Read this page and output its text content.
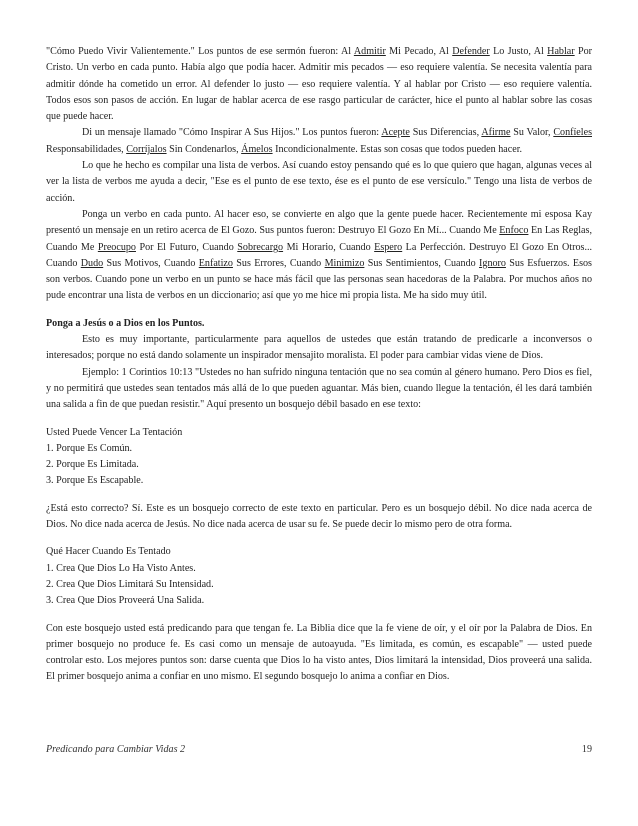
"Cómo Puedo Vivir Valientemente." Los puntos de ese sermón fueron: Al Admitir Mi Pecado, Al Defender Lo Justo, Al Hablar Por Cristo. Un verbo en cada punto. Había algo que podía hacer. Admitir mis pecados –– eso requiere valentía. Se necesita valentía para admitir dónde ha cometido un error. Al defender lo justo — eso requiere valentía. Y al hablar por Cristo — eso requiere valentía. Todos esos son pasos de acción. En lugar de hablar acerca de ese rasgo particular de carácter, hice el punto al hablar sobre las cosas que puede hacer.

Di un mensaje llamado "Cómo Inspirar A Sus Hijos." Los puntos fueron: Acepte Sus Diferencias, Afirme Su Valor, Confíeles Responsabilidades, Corríjalos Sin Condenarlos, Ámelos Incondicionalmente. Estas son cosas que todos pueden hacer.

Lo que he hecho es compilar una lista de verbos. Así cuando estoy pensando qué es lo que quiero que hagan, algunas veces al ver la lista de verbos me ayuda a decir, "Ese es el punto de ese texto, ése es el punto de ese versículo." Tengo una lista de verbos de acción.

Ponga un verbo en cada punto. Al hacer eso, se convierte en algo que la gente puede hacer. Recientemente mi esposa Kay presentó un mensaje en un retiro acerca de El Gozo. Sus puntos fueron: Destruyo El Gozo En Mí... Cuando Me Enfoco En Las Reglas, Cuando Me Preocupo Por El Futuro, Cuando Sobrecargo Mi Horario, Cuando Espero La Perfección. Destruyo El Gozo En Otros... Cuando Dudo Sus Motivos, Cuando Enfatizo Sus Errores, Cuando Minimizo Sus Sentimientos, Cuando Ignoro Sus Esfuerzos. Esos son verbos. Cuando pone un verbo en un punto se hace más fácil que las personas sean hacedoras de la Palabra. Por muchos años no pude encontrar una lista de verbos en un diccionario; así que yo me hice mi propia lista. Me ha sido muy útil.

Ponga a Jesús o a Dios en los Puntos.

Esto es muy importante, particularmente para aquellos de ustedes que están tratando de predicarle a inconversos o interesados; porque no está dando solamente un inspirador mensajito moralista. El poder para cambiar vidas viene de Dios.

Ejemplo: 1 Corintios 10:13 "Ustedes no han sufrido ninguna tentación que no sea común al género humano. Pero Dios es fiel, y no permitirá que ustedes sean tentados más allá de lo que pueden aguantar. Más bien, cuando llegue la tentación, él les dará también una salida a fin de que puedan resistir." Aquí presento un bosquejo débil basado en ese texto:

Usted Puede Vencer La Tentación

1. Porque Es Común.

2. Porque Es Limitada.

3. Porque Es Escapable.

¿Está esto correcto? Sí. Este es un bosquejo correcto de este texto en particular. Pero es un bosquejo débil. No dice nada acerca de Dios. No dice nada acerca de Jesús. No dice nada acerca de usar su fe. Se puede decir lo mismo pero de otra forma.

Qué Hacer Cuando Es Tentado

1. Crea Que Dios Lo Ha Visto Antes.

2. Crea Que Dios Limitará Su Intensidad.

3. Crea Que Dios Proveerá Una Salida.

Con este bosquejo usted está predicando para que tengan fe. La Biblia dice que la fe viene de oír, y el oír por la Palabra de Dios. En primer bosquejo no produce fe. Es casi como un mensaje de autoayuda. "Es limitada, es común, es escapable" –– usted puede controlar esto. Los mejores puntos son: darse cuenta que Dios lo ha visto antes, Dios limitará la intensidad, Dios proveerá una salida. El primer bosquejo anima a confiar en uno mismo. El segundo bosquejo lo anima a confiar en Dios.

Predicando para Cambiar Vidas 2	19
